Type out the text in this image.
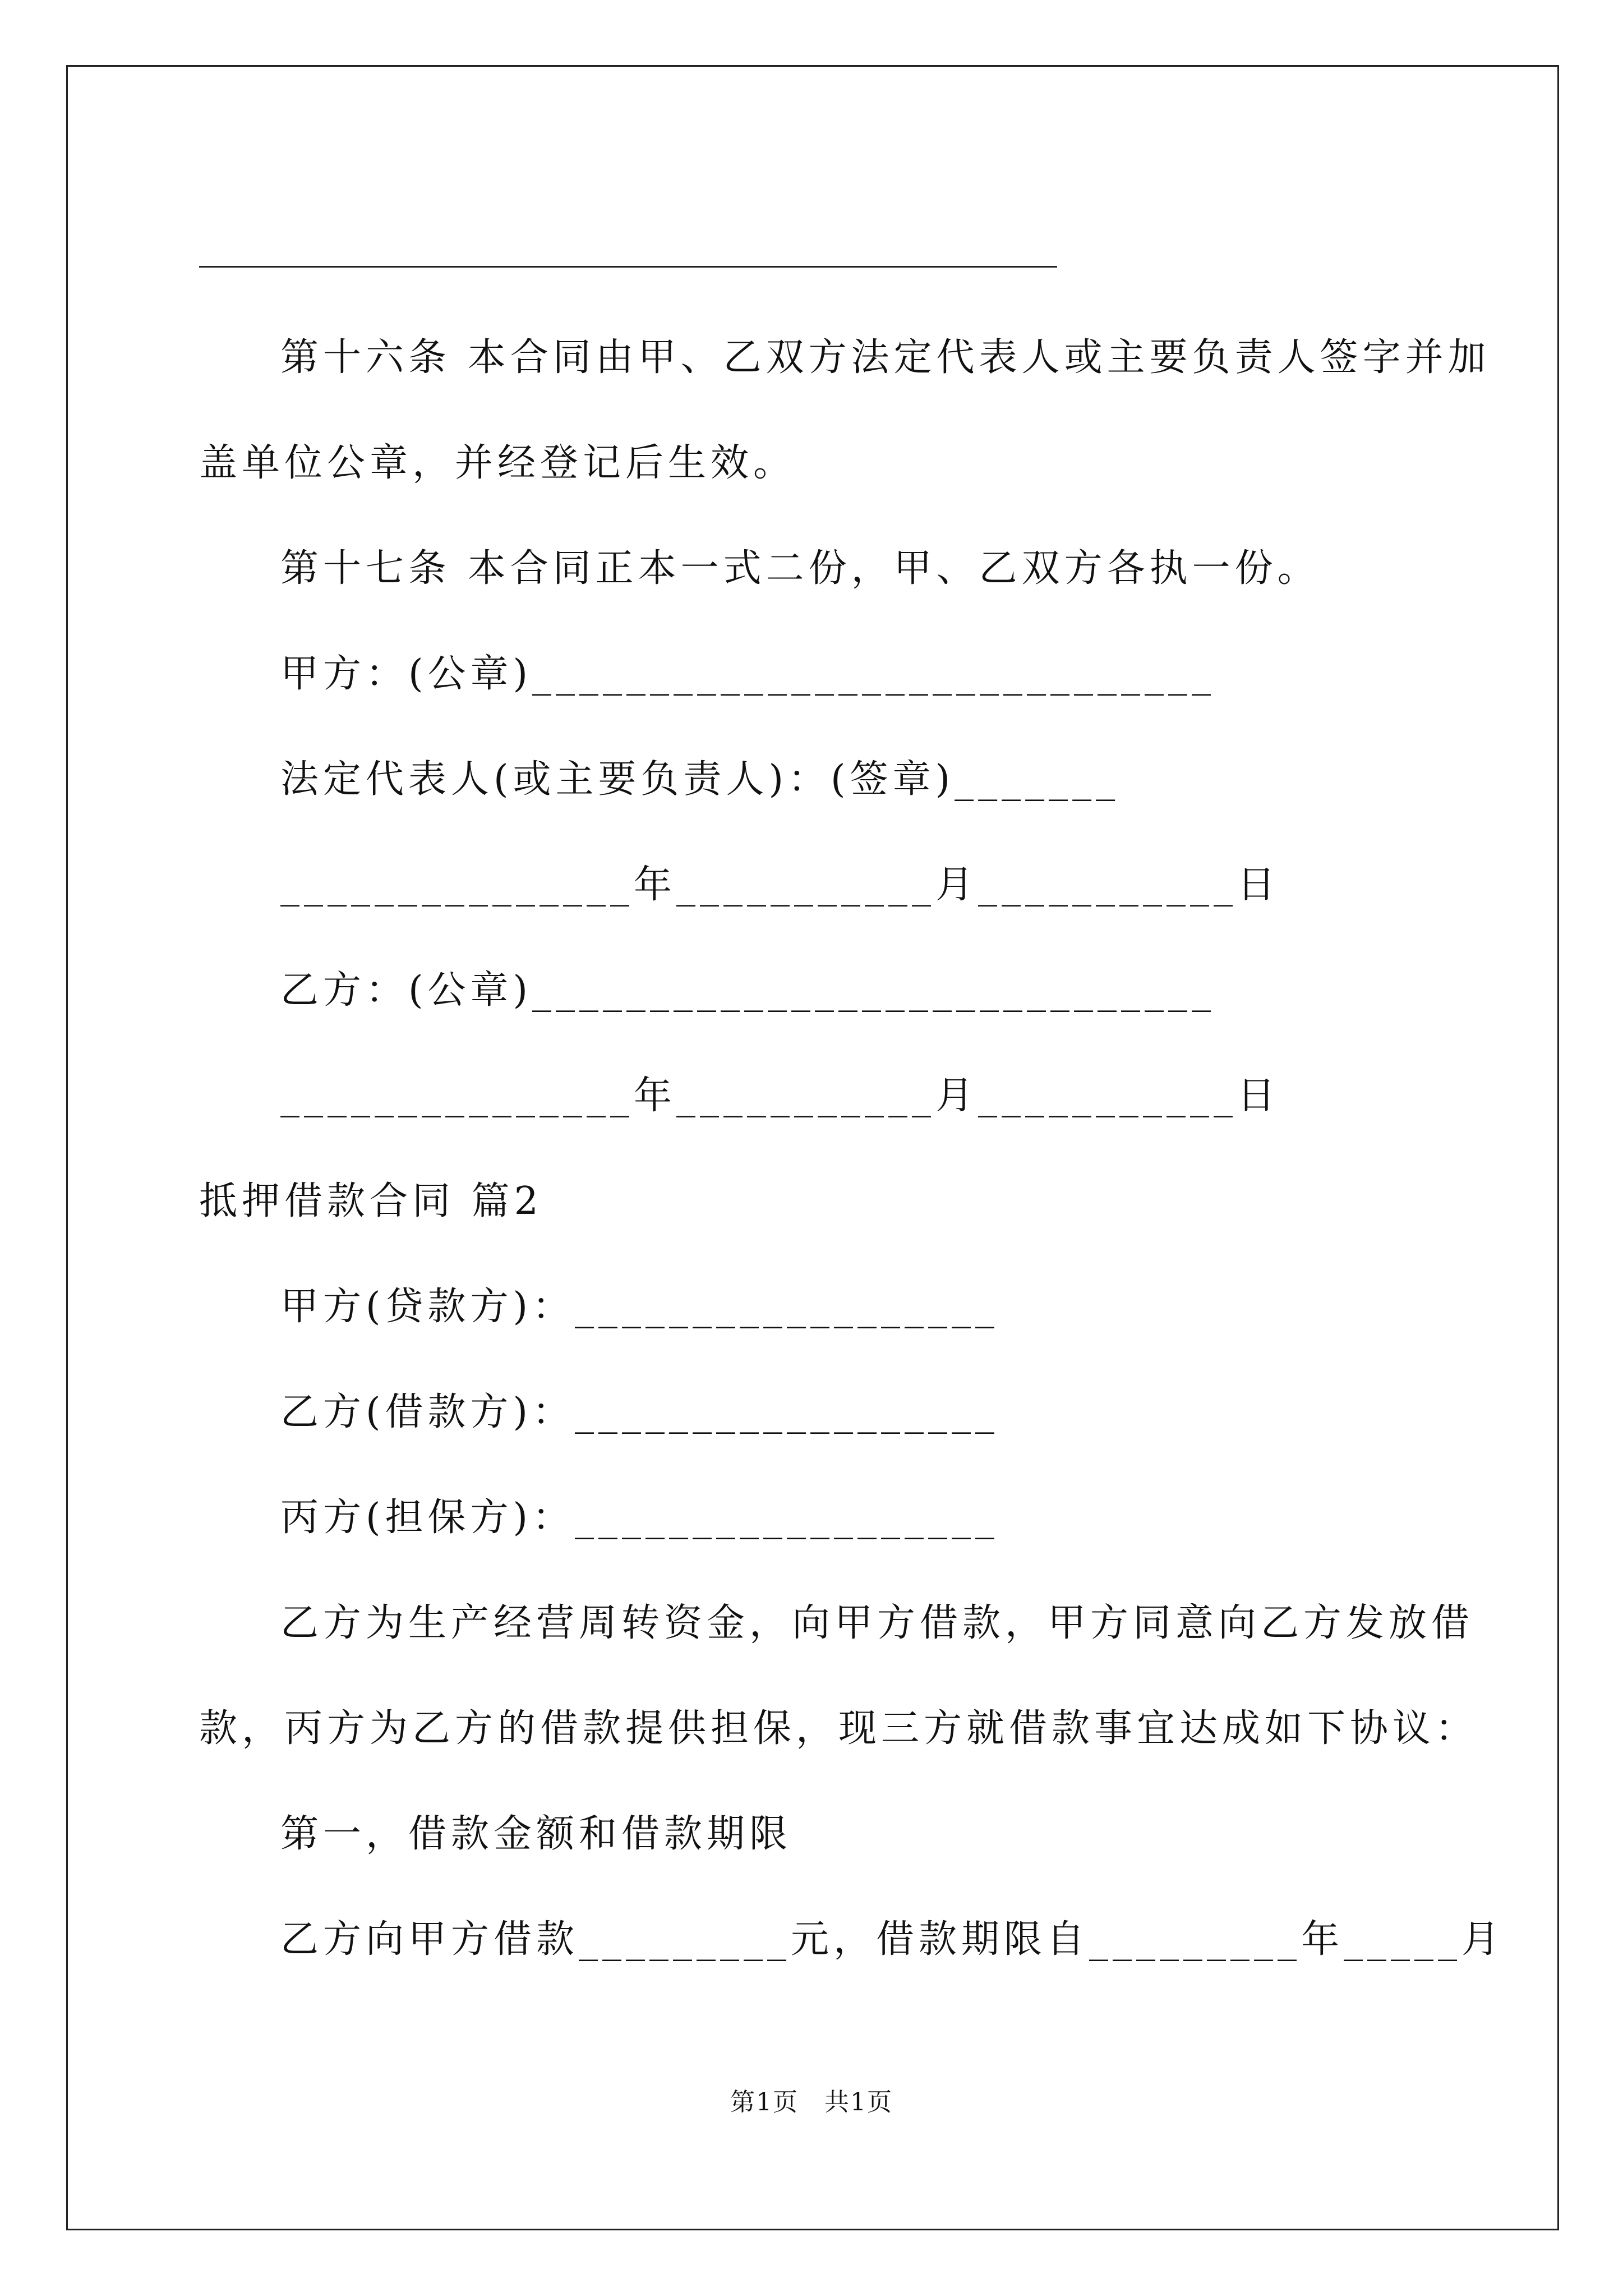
第十六条 本合同由甲、乙双方法定代表人或主要负责人签字并加
盖单位公章，并经登记后生效。
第十七条 本合同正本一式二份，甲、乙双方各执一份。
甲方：(公章)_____________________________
法定代表人(或主要负责人)：(签章)_______
_______________年___________月___________日
乙方：(公章)_____________________________
_______________年___________月___________日
抵押借款合同 篇2
甲方(贷款方)：__________________
乙方(借款方)：__________________
丙方(担保方)：__________________
乙方为生产经营周转资金，向甲方借款，甲方同意向乙方发放借
款，丙方为乙方的借款提供担保，现三方就借款事宜达成如下协议：
第一，借款金额和借款期限
乙方向甲方借款_________元，借款期限自_________年_____月
第1页　共1页
